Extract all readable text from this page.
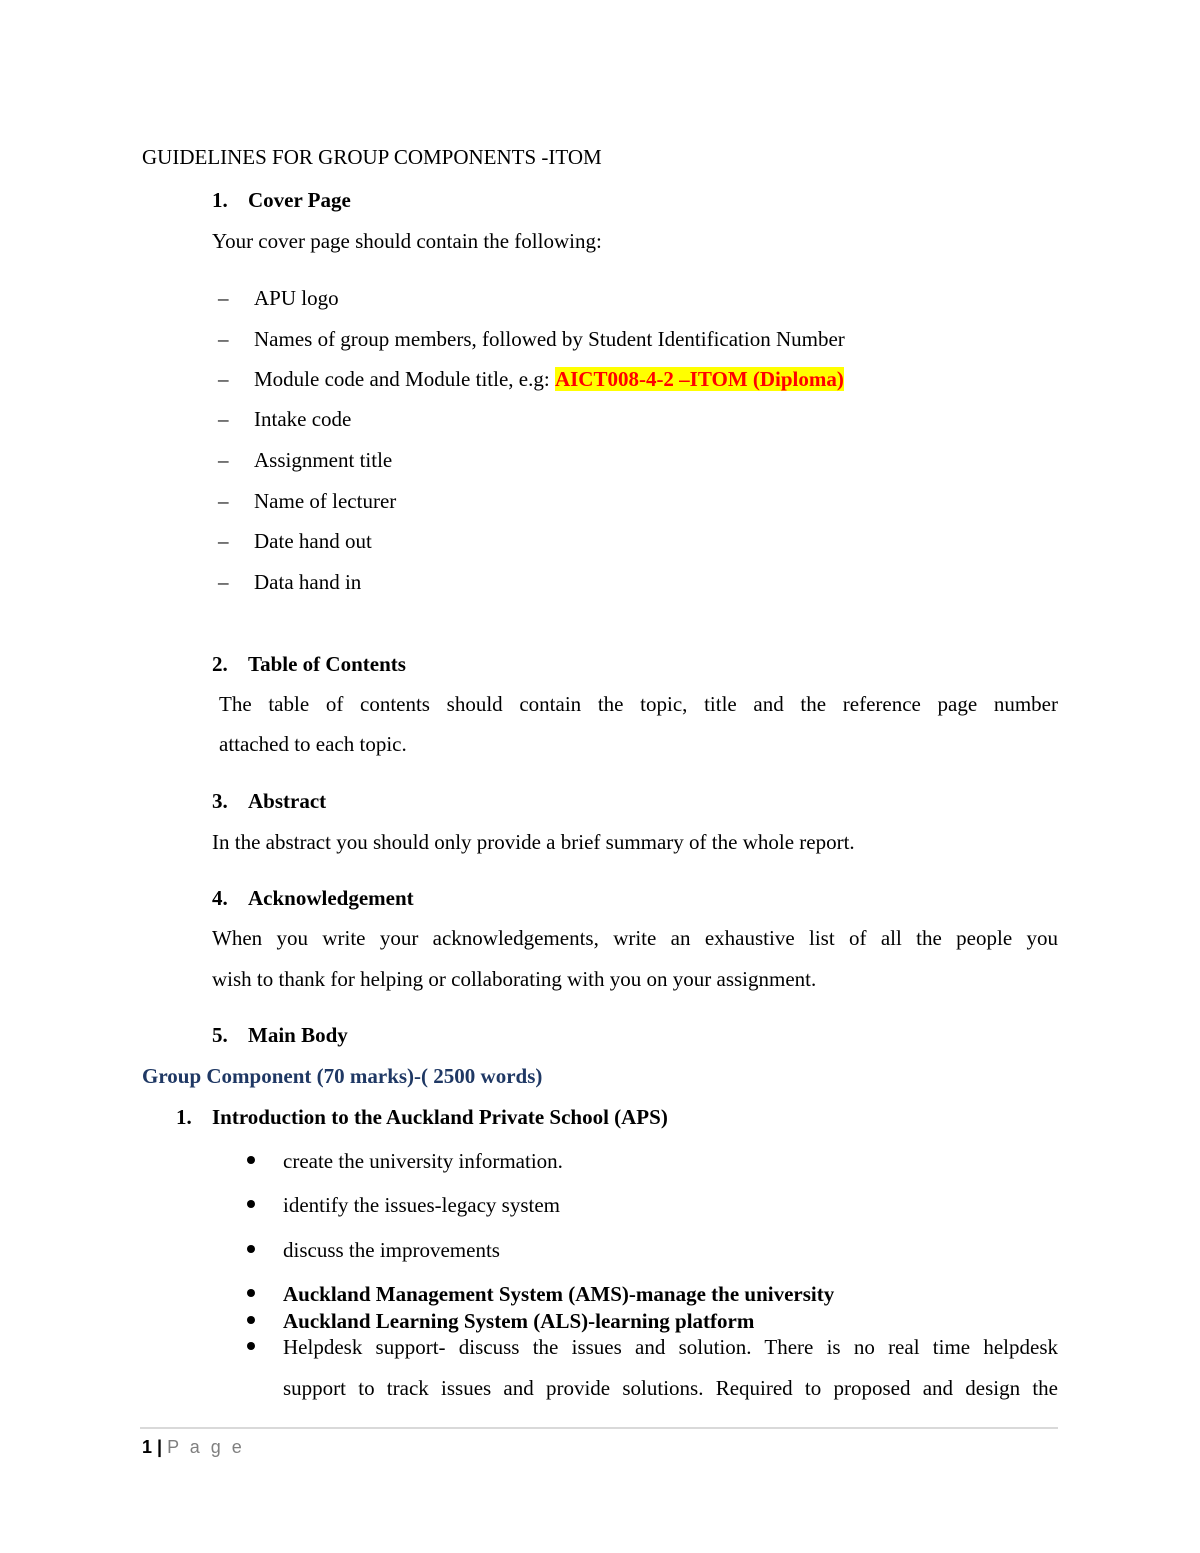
GUIDELINES FOR GROUP COMPONENTS -ITOM
1. Cover Page
Your cover page should contain the following:
– APU logo
– Names of group members, followed by Student Identification Number
– Module code and Module title, e.g: AICT008-4-2 –ITOM (Diploma)
– Intake code
– Assignment title
– Name of lecturer
– Date hand out
– Data hand in
2. Table of Contents
The table of contents should contain the topic, title and the reference page number
attached to each topic.
3. Abstract
In the abstract you should only provide a brief summary of the whole report.
4. Acknowledgement
When you write your acknowledgements, write an exhaustive list of all the people you
wish to thank for helping or collaborating with you on your assignment.
5. Main Body
Group Component (70 marks)-( 2500 words)
1. Introduction to the Auckland Private School (APS)
create the university information.
identify the issues-legacy system
discuss the improvements
Auckland Management System (AMS)-manage the university
Auckland Learning System (ALS)-learning platform
Helpdesk support- discuss the issues and solution. There is no real time helpdesk
support to track issues and provide solutions. Required to proposed and design the
1 | P a g e
